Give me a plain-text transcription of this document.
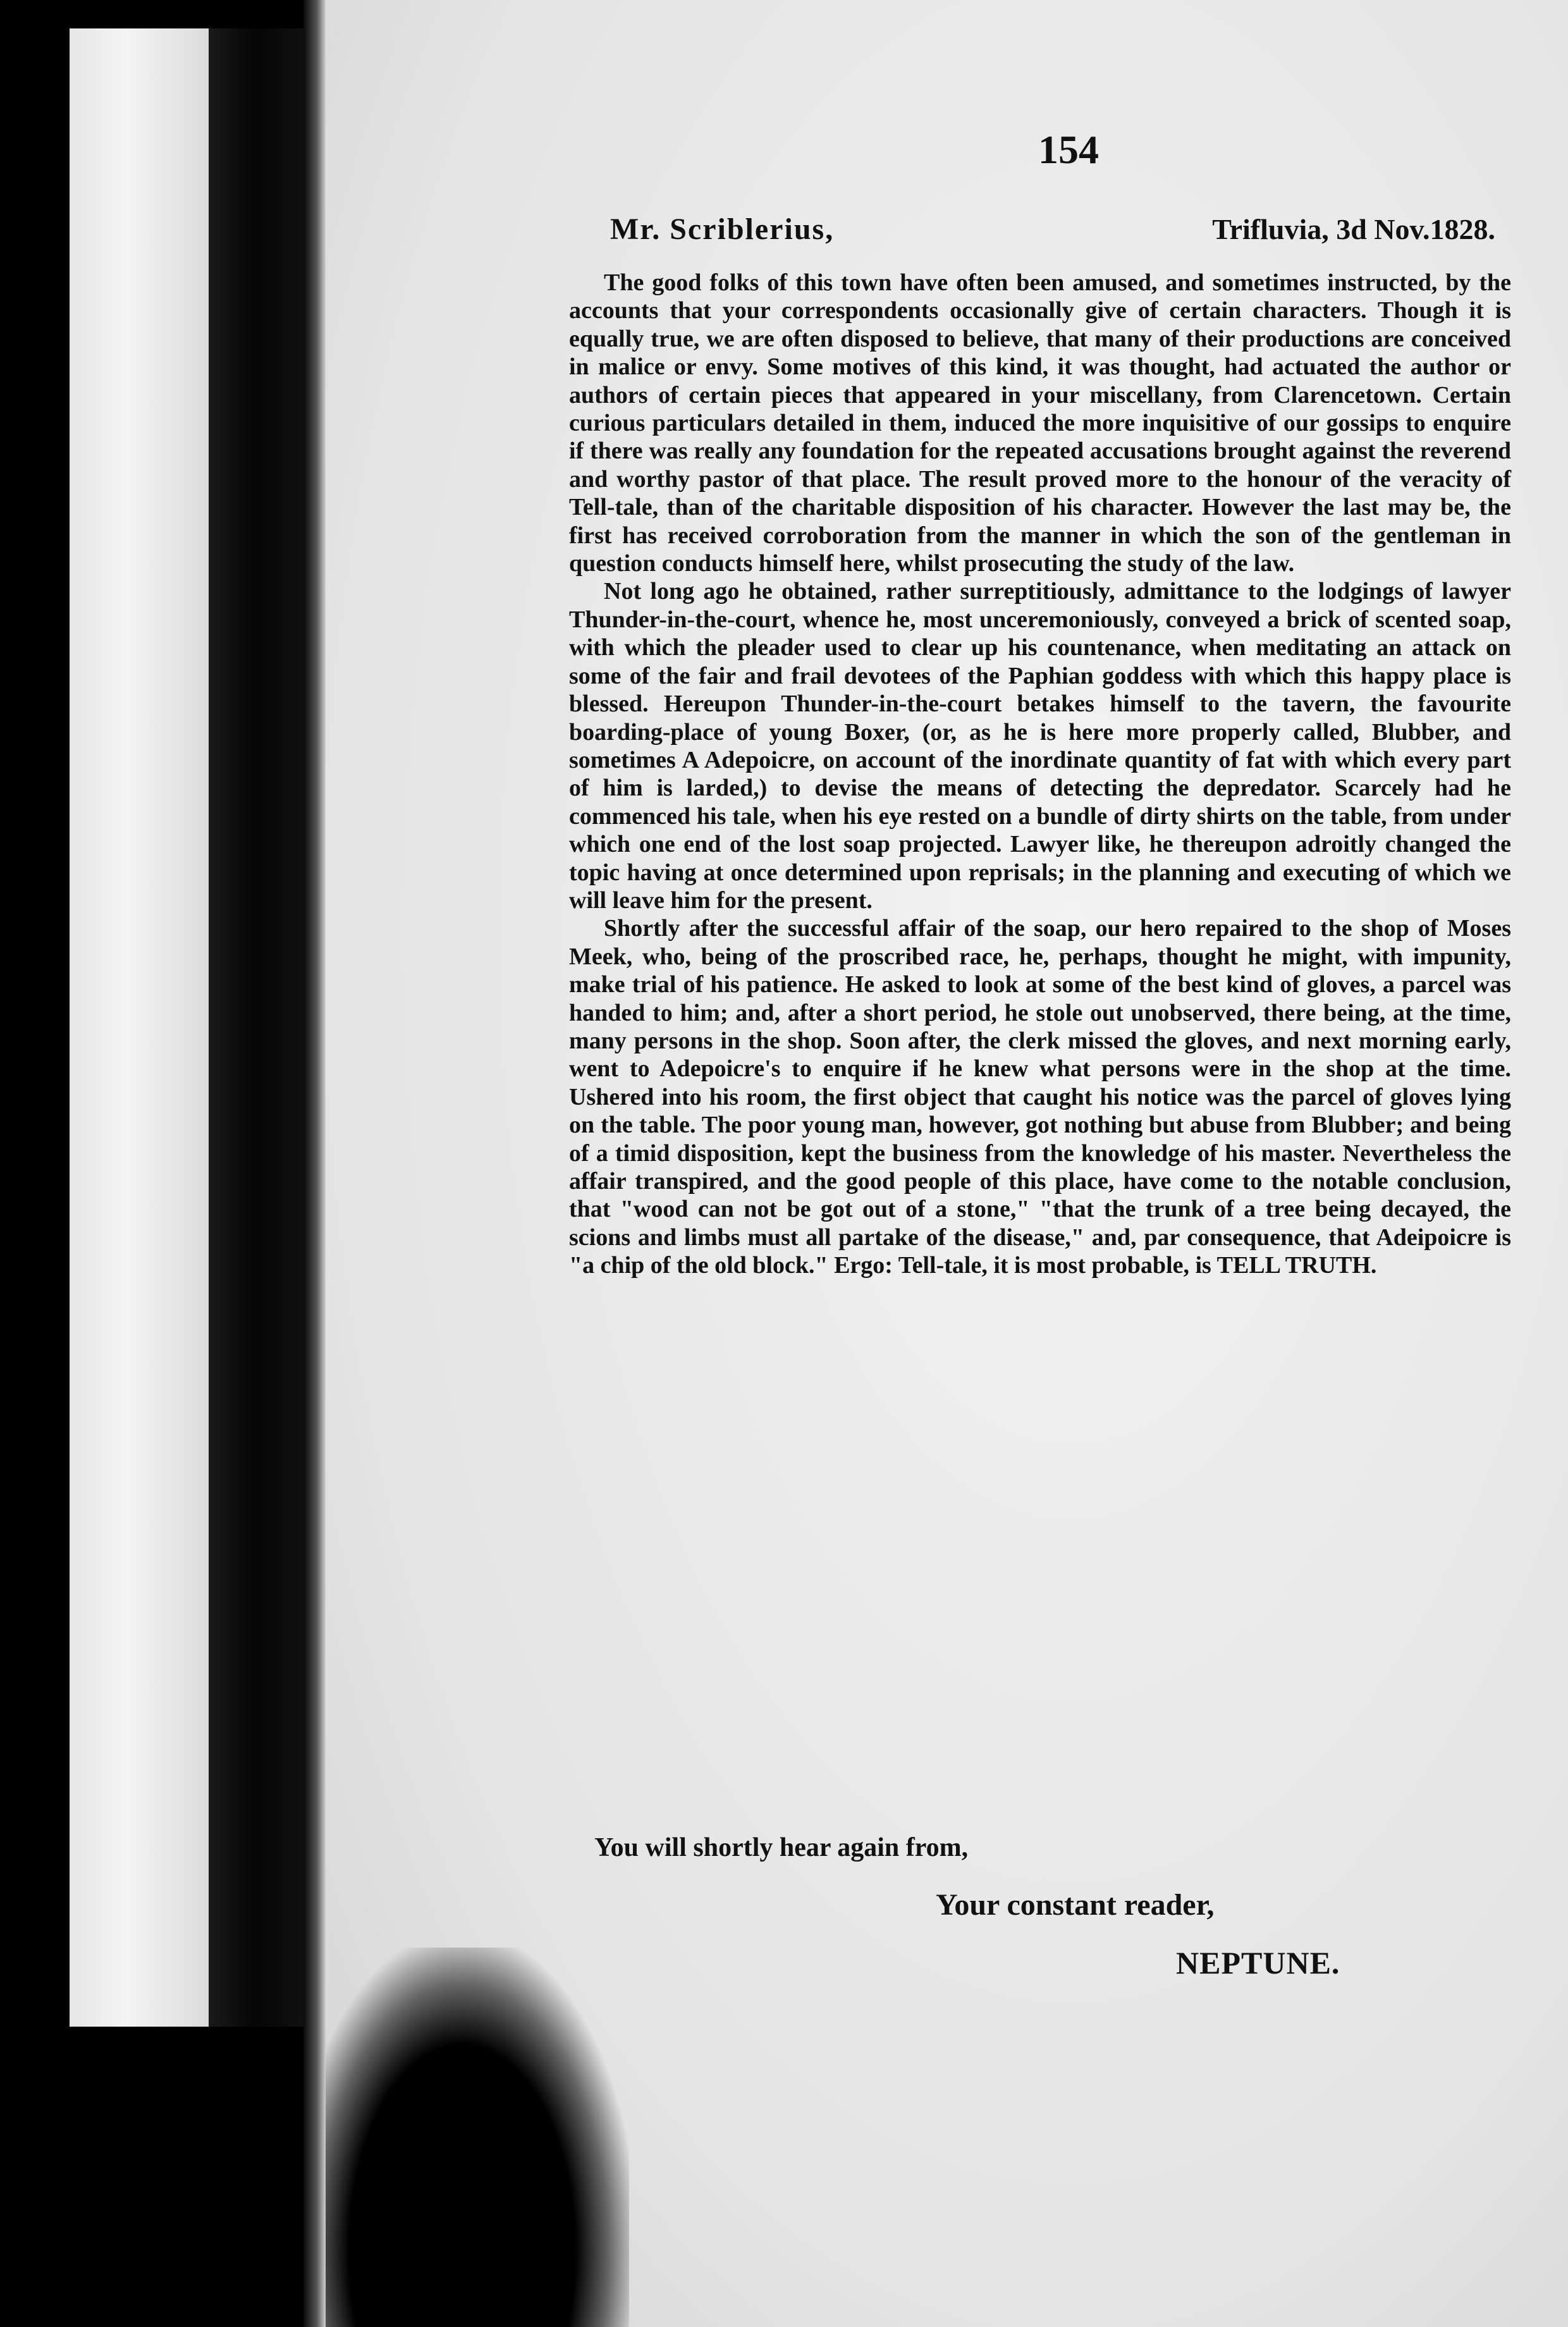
154
Mr. Scriblerius,	Trifluvia, 3d Nov.1828.

The good folks of this town have often been amused, and sometimes instructed, by the accounts that your correspondents occasionally give of certain characters. Though it is equally true, we are often disposed to believe, that many of their productions are conceived in malice or envy. Some motives of this kind, it was thought, had actuated the author or authors of certain pieces that appeared in your miscellany, from Clarencetown. Certain curious particulars detailed in them, induced the more inquisitive of our gossips to enquire if there was really any foundation for the repeated accusations brought against the reverend and worthy pastor of that place. The result proved more to the honour of the veracity of Tell-tale, than of the charitable disposition of his character. However the last may be, the first has received corroboration from the manner in which the son of the gentleman in question conducts himself here, whilst prosecuting the study of the law.

Not long ago he obtained, rather surreptitiously, admittance to the lodgings of lawyer Thunder-in-the-court, whence he, most unceremoniously, conveyed a brick of scented soap, with which the pleader used to clear up his countenance, when meditating an attack on some of the fair and frail devotees of the Paphian goddess with which this happy place is blessed. Hereupon Thunder-in-the-court betakes himself to the tavern, the favourite boarding-place of young Boxer, (or, as he is here more properly called, Blubber, and sometimes A Adepoicre, on account of the inordinate quantity of fat with which every part of him is larded,) to devise the means of detecting the depredator. Scarcely had he commenced his tale, when his eye rested on a bundle of dirty shirts on the table, from under which one end of the lost soap projected. Lawyer like, he thereupon adroitly changed the topic having at once determined upon reprisals; in the planning and executing of which we will leave him for the present.

Shortly after the successful affair of the soap, our hero repaired to the shop of Moses Meek, who, being of the proscribed race, he, perhaps, thought he might, with impunity, make trial of his patience. He asked to look at some of the best kind of gloves, a parcel was handed to him; and, after a short period, he stole out unobserved, there being, at the time, many persons in the shop. Soon after, the clerk missed the gloves, and next morning early, went to Adepoicre's to enquire if he knew what persons were in the shop at the time. Ushered into his room, the first object that caught his notice was the parcel of gloves lying on the table. The poor young man, however, got nothing but abuse from Blubber; and being of a timid disposition, kept the business from the knowledge of his master. Nevertheless the affair transpired, and the good people of this place, have come to the notable conclusion, that "wood can not be got out of a stone," "that the trunk of a tree being decayed, the scions and limbs must all partake of the disease," and, par consequence, that Adeipoicre is "a chip of the old block." Ergo: Tell-tale, it is most probable, is TELL TRUTH.

You will shortly hear again from,
Your constant reader,
NEPTUNE.
